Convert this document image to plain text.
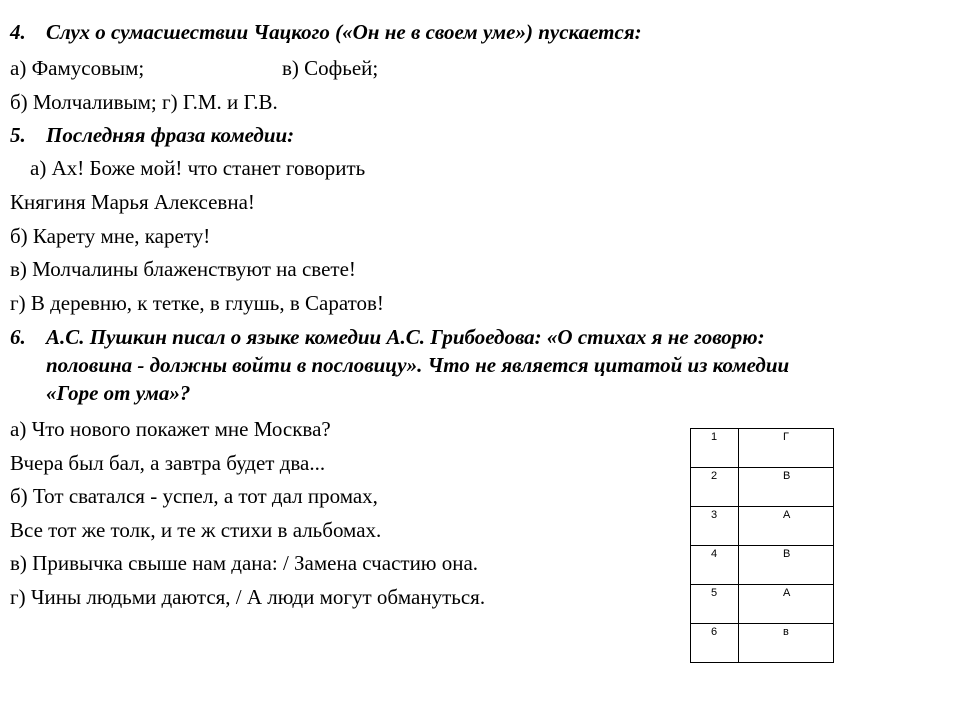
4. Слух о сумасшествии Чацкого («Он не в своем уме») пускается:
а) Фамусовым;	в) Софьей;
б) Молчаливым; г) Г.М. и Г.В.
5. Последняя фраза комедии:
а) Ах! Боже мой! что станет говорить
Княгиня Марья Алексевна!
б) Карету мне, карету!
в) Молчалины блаженствуют на свете!
г) В деревню, к тетке, в глушь, в Саратов!
6. А.С. Пушкин писал о языке комедии А.С. Грибоедова: «О стихах я не говорю:
половина - должны войти в пословицу». Что не является цитатой из комедии
«Горе от ума»?
а) Что нового покажет мне Москва?
Вчера был бал, а завтра будет два...
б) Тот сватался - успел, а тот дал промах,
Все тот же толк, и те ж стихи в альбомах.
в) Привычка свыше нам дана: / Замена счастию она.
г) Чины людьми даются, / А люди могут обмануться.
1	Г
2	В
3	А
4	В
5	А
6	в
